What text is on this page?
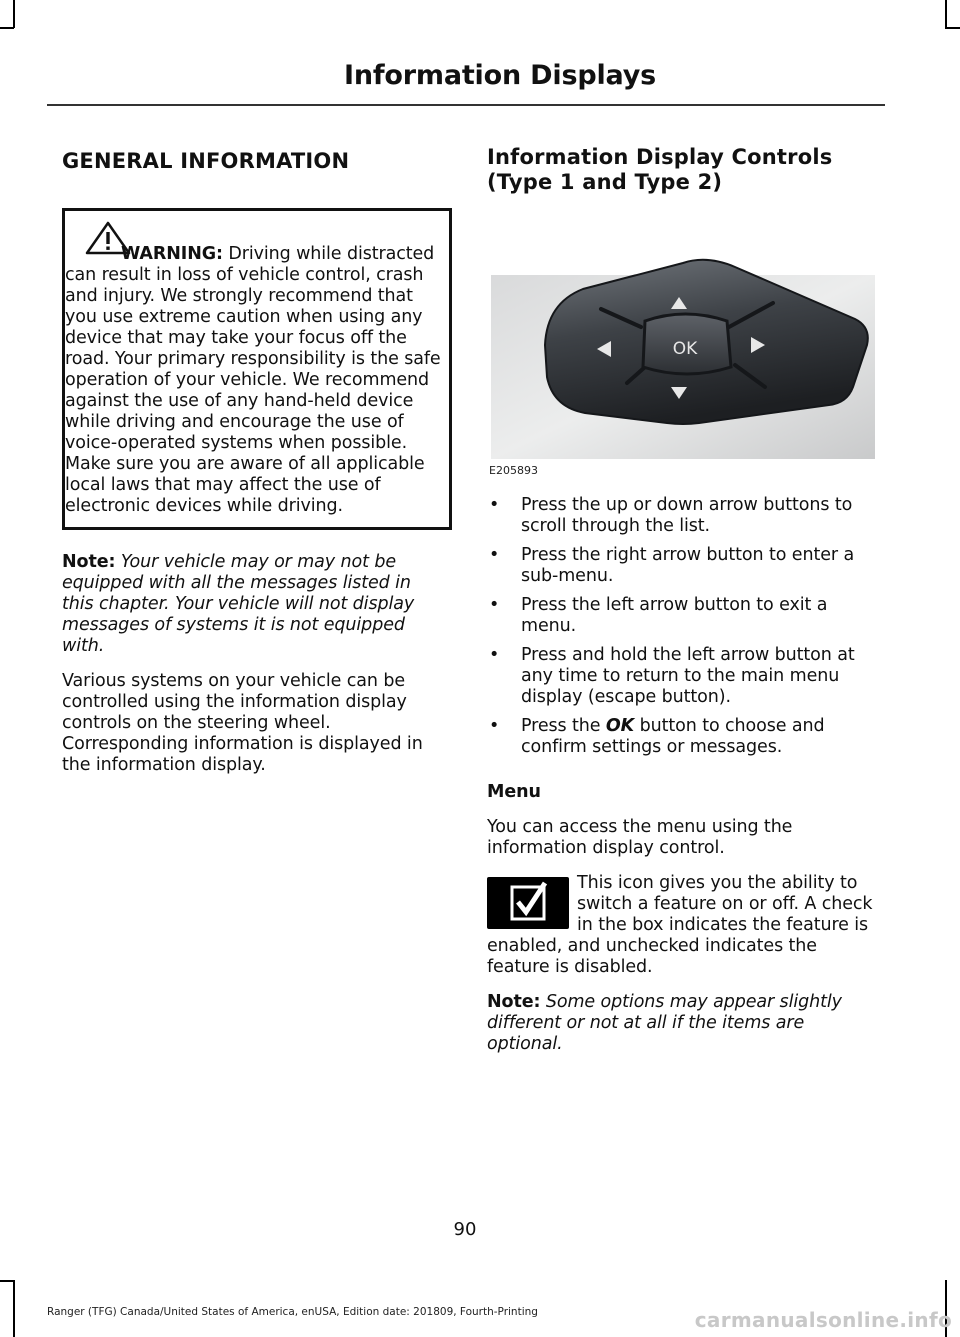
Information Displays
GENERAL INFORMATION

WARNING: Driving while distracted can result in loss of vehicle control, crash and injury. We strongly recommend that you use extreme caution when using any device that may take your focus off the road. Your primary responsibility is the safe operation of your vehicle. We recommend against the use of any hand-held device while driving and encourage the use of voice-operated systems when possible. Make sure you are aware of all applicable local laws that may affect the use of electronic devices while driving.

Note: Your vehicle may or may not be equipped with all the messages listed in this chapter. Your vehicle will not display messages of systems it is not equipped with.

Various systems on your vehicle can be controlled using the information display controls on the steering wheel. Corresponding information is displayed in the information display.

Information Display Controls (Type 1 and Type 2)
OK
E205893
• Press the up or down arrow buttons to scroll through the list.
• Press the right arrow button to enter a sub-menu.
• Press the left arrow button to exit a menu.
• Press and hold the left arrow button at any time to return to the main menu display (escape button).
• Press the OK button to choose and confirm settings or messages.

Menu

You can access the menu using the information display control.

This icon gives you the ability to switch a feature on or off. A check in the box indicates the feature is enabled, and unchecked indicates the feature is disabled.

Note: Some options may appear slightly different or not at all if the items are optional.

90
Ranger (TFG) Canada/United States of America, enUSA, Edition date: 201809, Fourth-Printing	carmanualsonline.info
